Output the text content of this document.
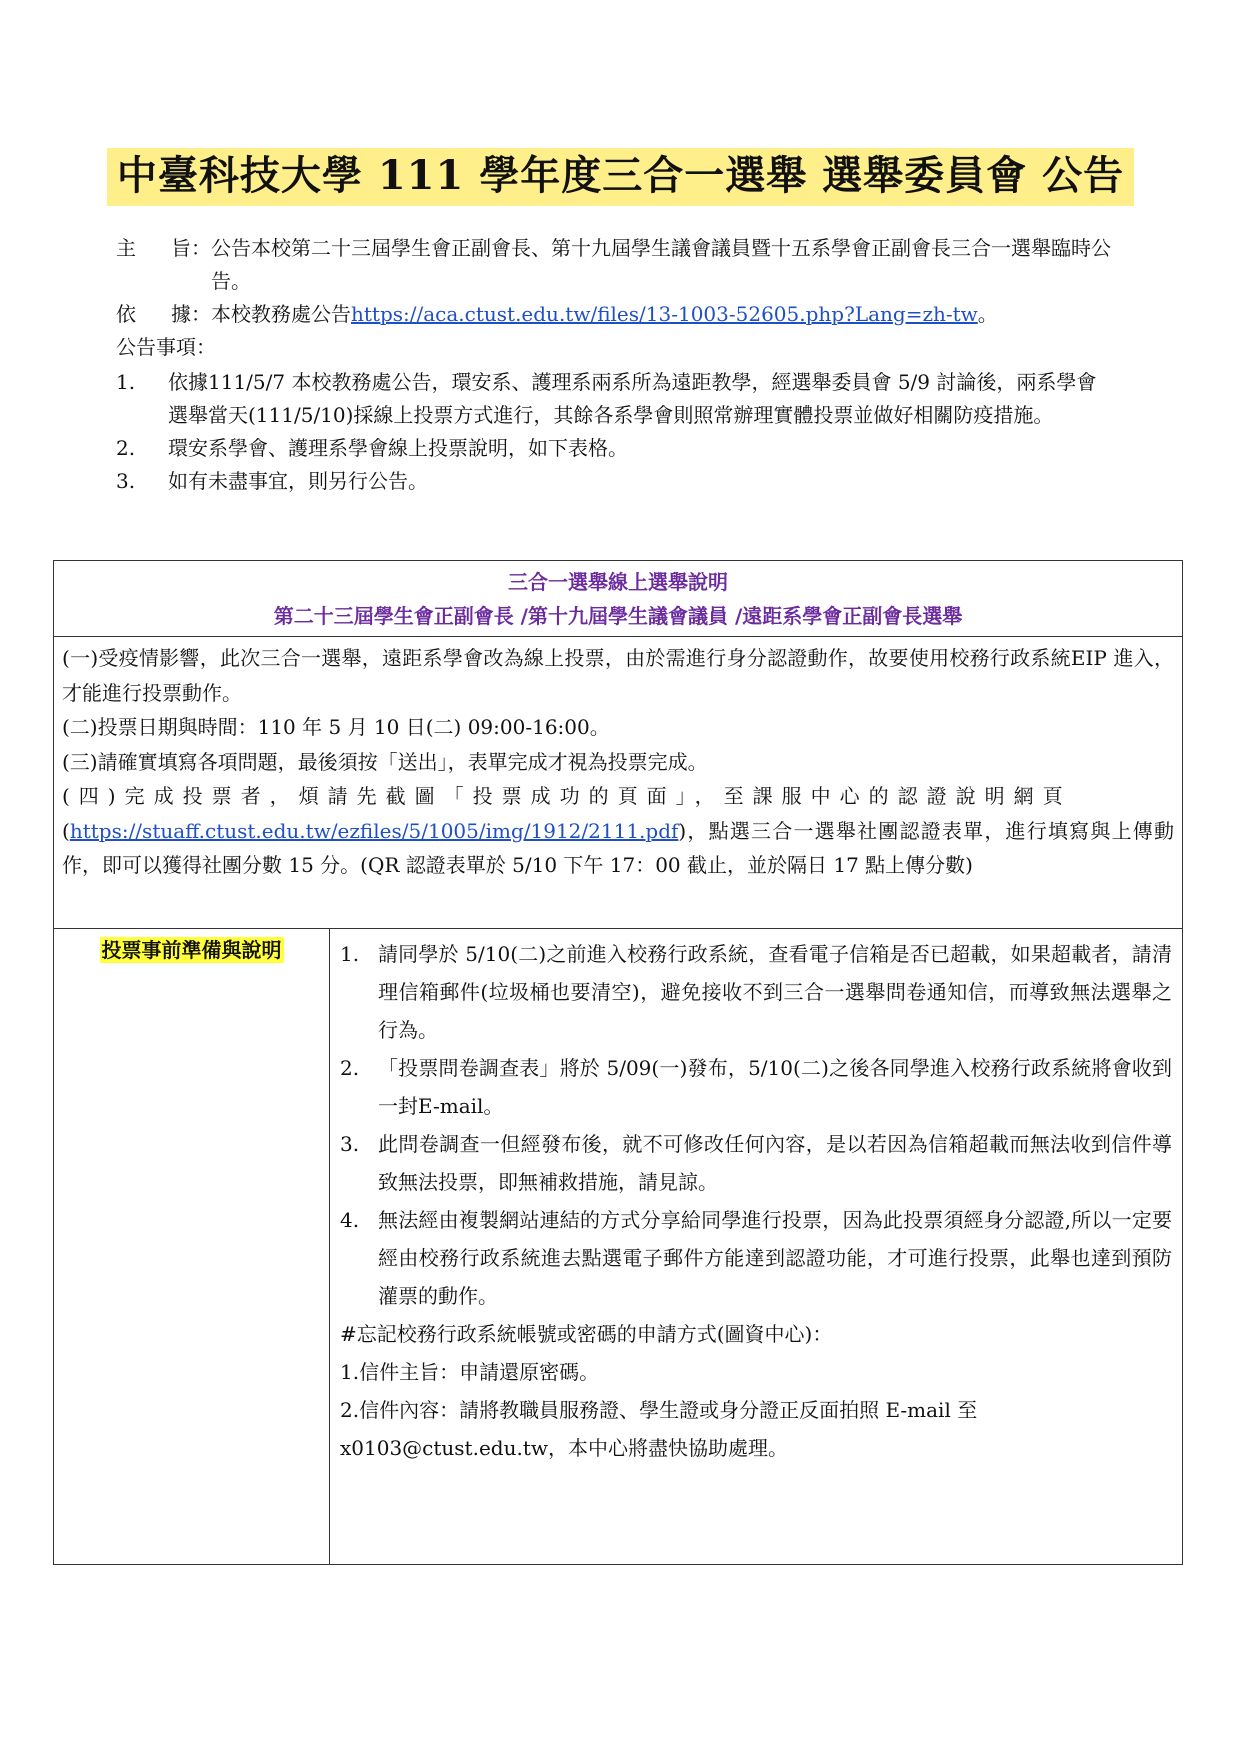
中臺科技大學 111 學年度三合一選舉 選舉委員會 公告
主 旨 ： 公告本校第二十三屆學生會正副會長、第十九屆學生議會議員暨十五系學會正副會長三合一選舉臨時公告。
依 據 ： 本校教務處公告https://aca.ctust.edu.tw/files/13-1003-52605.php?Lang=zh-tw。
公告事項：
1.	依據111/5/7 本校教務處公告，環安系、護理系兩系所為遠距教學，經選舉委員會 5/9 討論後，兩系學會選舉當天(111/5/10)採線上投票方式進行，其餘各系學會則照常辦理實體投票並做好相關防疫措施。
2.	環安系學會、護理系學會線上投票說明，如下表格。
3.	如有未盡事宜，則另行公告。
三合一選舉線上選舉說明
第二十三屆學生會正副會長 /第十九屆學生議會議員 /遠距系學會正副會長選舉

(一)受疫情影響，此次三合一選舉，遠距系學會改為線上投票，由於需進行身分認證動作，故要使用校務行政系統EIP 進入，才能進行投票動作。

(二)投票日期與時間：110 年 5 月 10 日(二) 09:00-16:00。

(三)請確實填寫各項問題，最後須按「送出」，表單完成才視為投票完成。

(四)完成投票者，煩請先截圖「投票成功的頁面」，至課服中心的認證說明網頁
(https://stuaff.ctust.edu.tw/ezfiles/5/1005/img/1912/2111.pdf)，點選三合一選舉社團認證表單，進行填寫與上傳動作，即可以獲得社團分數 15 分。(QR 認證表單於 5/10 下午 17：00 截止，並於隔日 17 點上傳分數)

投票事前準備與說明	1. 請同學於 5/10(二)之前進入校務行政系統，查看電子信箱是否已超載，如果超載者，請清理信箱郵件(垃圾桶也要清空)，避免接收不到三合一選舉問卷通知信，而導致無法選舉之行為。
2. 「投票問卷調查表」將於 5/09(一)發布，5/10(二)之後各同學進入校務行政系統將會收到一封E-mail。
3. 此問卷調查一但經發布後，就不可修改任何內容，是以若因為信箱超載而無法收到信件導致無法投票，即無補救措施，請見諒。
4. 無法經由複製網站連結的方式分享給同學進行投票，因為此投票須經身分認證,所以一定要經由校務行政系統進去點選電子郵件方能達到認證功能，才可進行投票，此舉也達到預防灌票的動作。

#忘記校務行政系統帳號或密碼的申請方式(圖資中心)：

1.信件主旨：申請還原密碼。

2.信件內容：請將教職員服務證、學生證或身分證正反面拍照 E-mail 至 x0103@ctust.edu.tw，本中心將盡快協助處理。
